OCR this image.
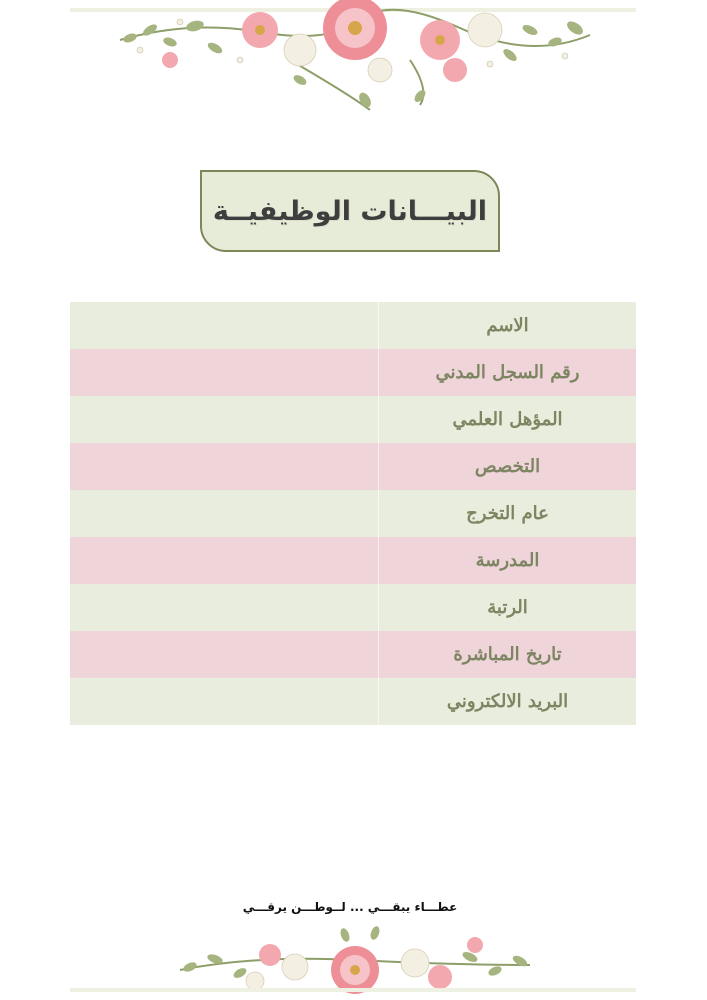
البيـــانات الوظيفيــة
الاسم
رقم السجل المدني
المؤهل العلمي
التخصص
عام التخرج
المدرسة
الرتبة
تاريخ المباشرة
البريد الالكتروني
عطـــاء يبقـــي ... لــوطـــن يرقـــي
